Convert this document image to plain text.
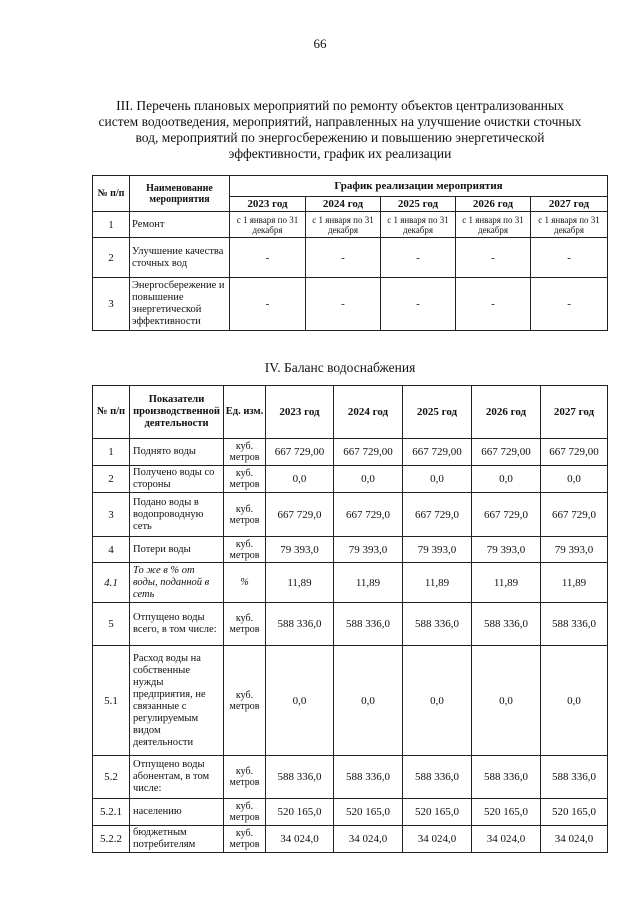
66
III. Перечень плановых мероприятий по ремонту объектов централизованных систем водоотведения, мероприятий, направленных на улучшение очистки сточных вод, мероприятий по энергосбережению и повышению энергетической эффективности, график их реализации
№ п/п	Наименование мероприятия	График реализации мероприятия				
		2023 год	2024 год	2025 год	2026 год	2027 год
1	Ремонт	с 1 января по 31 декабря	с 1 января по 31 декабря	с 1 января по 31 декабря	с 1 января по 31 декабря	с 1 января по 31 декабря
2	Улучшение качества сточных вод	-	-	-	-	-
3	Энергосбережение и повышение энергетической эффективности	-	-	-	-	-
IV. Баланс водоснабжения
№ п/п	Показатели производственной деятельности	Ед. изм.	2023 год	2024 год	2025 год	2026 год	2027 год
1	Поднято воды	куб. метров	667 729,00	667 729,00	667 729,00	667 729,00	667 729,00
2	Получено воды со стороны	куб. метров	0,0	0,0	0,0	0,0	0,0
3	Подано воды в водопроводную сеть	куб. метров	667 729,0	667 729,0	667 729,0	667 729,0	667 729,0
4	Потери воды	куб. метров	79 393,0	79 393,0	79 393,0	79 393,0	79 393,0
4.1	То же в % от воды, поданной в сеть	%	11,89	11,89	11,89	11,89	11,89
5	Отпущено воды всего, в том числе:	куб. метров	588 336,0	588 336,0	588 336,0	588 336,0	588 336,0
5.1	Расход воды на собственные нужды предприятия, не связанные с регулируемым видом деятельности	куб. метров	0,0	0,0	0,0	0,0	0,0
5.2	Отпущено воды абонентам, в том числе:	куб. метров	588 336,0	588 336,0	588 336,0	588 336,0	588 336,0
5.2.1	населению	куб. метров	520 165,0	520 165,0	520 165,0	520 165,0	520 165,0
5.2.2	бюджетным потребителям	куб. метров	34 024,0	34 024,0	34 024,0	34 024,0	34 024,0
